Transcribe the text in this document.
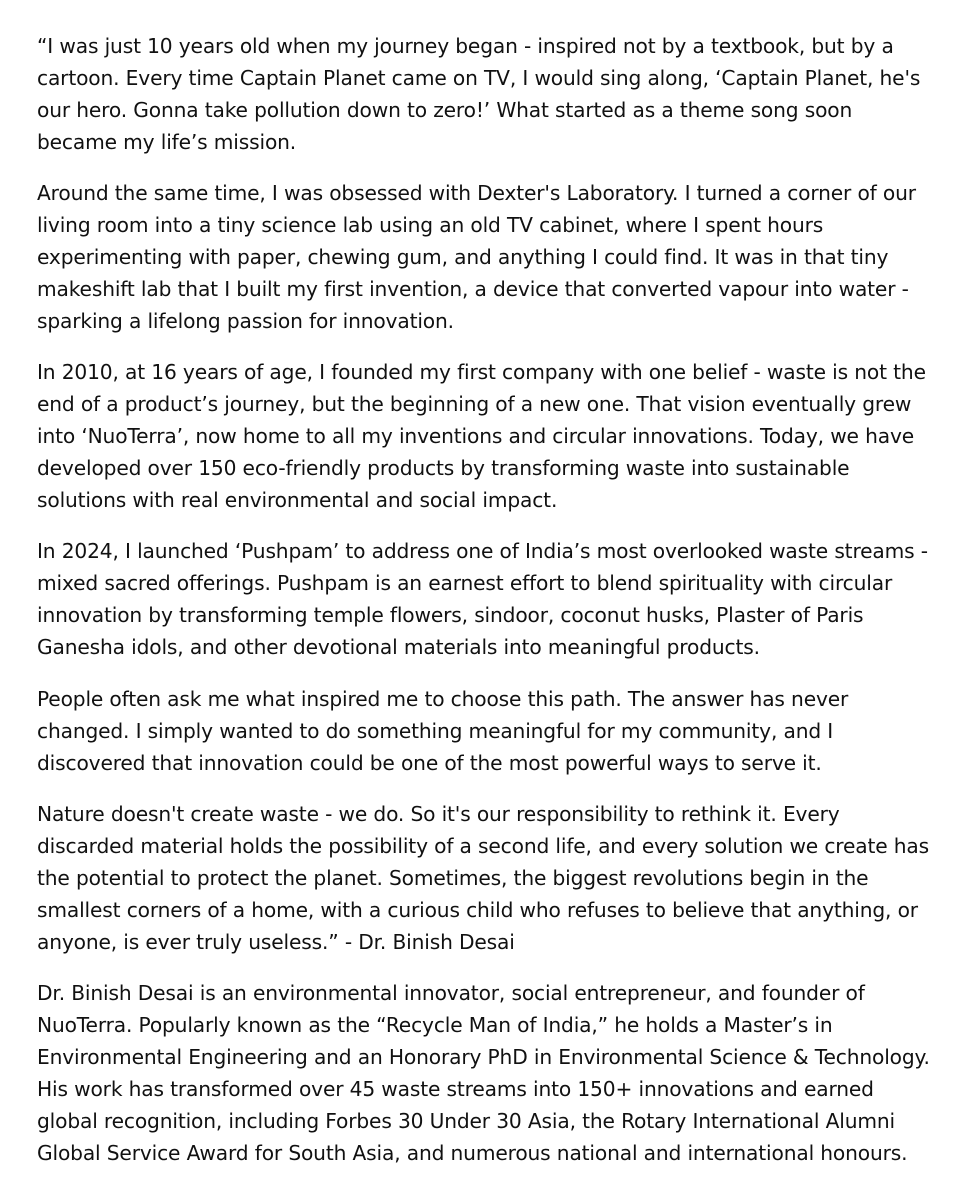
“I was just 10 years old when my journey began - inspired not by a textbook, but by a cartoon. Every time Captain Planet came on TV, I would sing along, ‘Captain Planet, he's our hero. Gonna take pollution down to zero!’ What started as a theme song soon became my life’s mission.

Around the same time, I was obsessed with Dexter's Laboratory. I turned a corner of our living room into a tiny science lab using an old TV cabinet, where I spent hours experimenting with paper, chewing gum, and anything I could find. It was in that tiny makeshift lab that I built my first invention, a device that converted vapour into water - sparking a lifelong passion for innovation.

In 2010, at 16 years of age, I founded my first company with one belief - waste is not the end of a product’s journey, but the beginning of a new one. That vision eventually grew into ‘NuoTerra’, now home to all my inventions and circular innovations. Today, we have developed over 150 eco-friendly products by transforming waste into sustainable solutions with real environmental and social impact.

In 2024, I launched ‘Pushpam’ to address one of India’s most overlooked waste streams - mixed sacred offerings. Pushpam is an earnest effort to blend spirituality with circular innovation by transforming temple flowers, sindoor, coconut husks, Plaster of Paris Ganesha idols, and other devotional materials into meaningful products.

People often ask me what inspired me to choose this path. The answer has never changed. I simply wanted to do something meaningful for my community, and I discovered that innovation could be one of the most powerful ways to serve it.

Nature doesn't create waste - we do. So it's our responsibility to rethink it. Every discarded material holds the possibility of a second life, and every solution we create has the potential to protect the planet. Sometimes, the biggest revolutions begin in the smallest corners of a home, with a curious child who refuses to believe that anything, or anyone, is ever truly useless.” - Dr. Binish Desai

Dr. Binish Desai is an environmental innovator, social entrepreneur, and founder of NuoTerra. Popularly known as the “Recycle Man of India,” he holds a Master’s in Environmental Engineering and an Honorary PhD in Environmental Science & Technology. His work has transformed over 45 waste streams into 150+ innovations and earned global recognition, including Forbes 30 Under 30 Asia, the Rotary International Alumni Global Service Award for South Asia, and numerous national and international honours.
